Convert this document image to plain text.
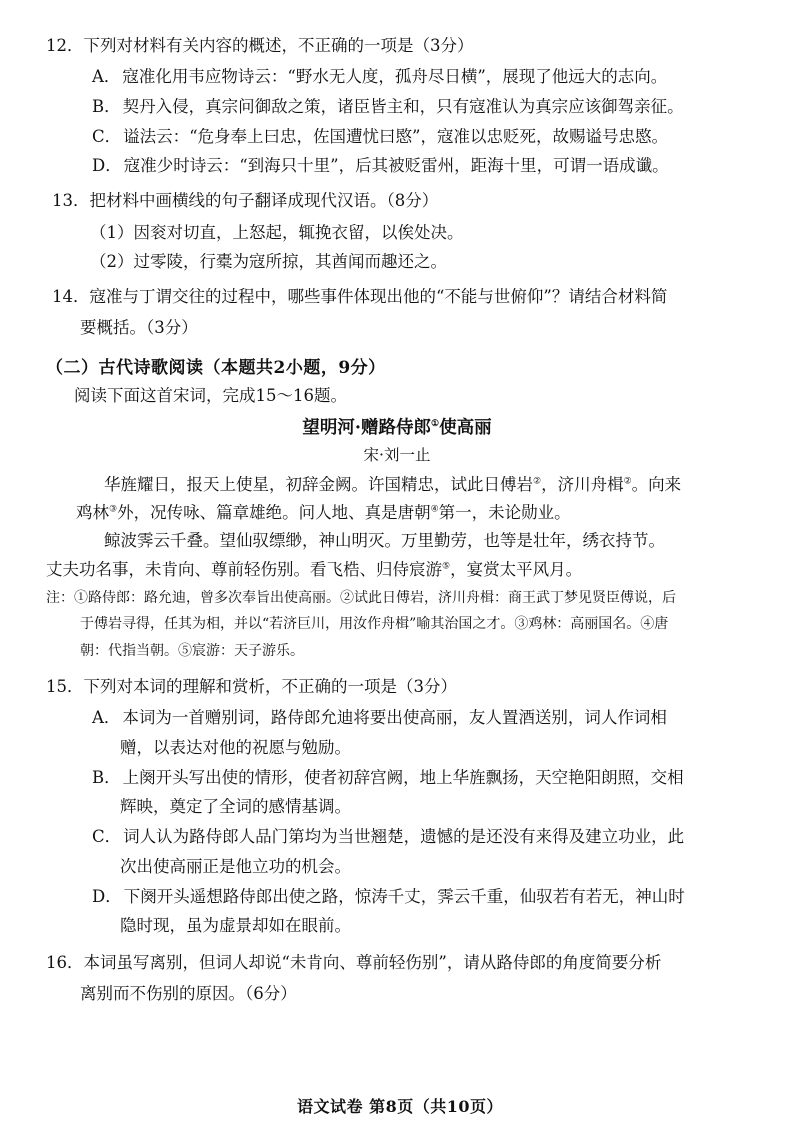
12．下列对材料有关内容的概述，不正确的一项是（3分）

A． 寇准化用韦应物诗云：“野水无人度，孤舟尽日横”，展现了他远大的志向。

B． 契丹入侵，真宗问御敌之策，诸臣皆主和，只有寇准认为真宗应该御驾亲征。

C． 谥法云：“危身奉上曰忠，佐国遭忧曰愍”，寇准以忠贬死，故赐谥号忠愍。

D． 寇准少时诗云：“到海只十里”，后其被贬雷州，距海十里，可谓一语成谶。

13．把材料中画横线的句子翻译成现代汉语。（8分）

（1）因衮对切直，上怒起，辄挽衣留，以俟处决。

（2）过零陵，行橐为寇所掠，其酋闻而趣还之。

14．寇准与丁谓交往的过程中，哪些事件体现出他的“不能与世俯仰”？请结合材料简

要概括。（3分）

（二）古代诗歌阅读（本题共2小题，9分）

阅读下面这首宋词，完成15～16题。

望明河·赠路侍郎①使高丽

宋·刘一止

华旌耀日，报天上使星，初辞金阙。许国精忠，试此日傅岩②，济川舟楫②。向来

鸡林③外，况传咏、篇章雄绝。问人地、真是唐朝④第一，未论勋业。

鲸波霁云千叠。望仙驭缥缈，神山明灭。万里勤劳，也等是壮年，绣衣持节。

丈夫功名事，未肯向、尊前轻伤别。看飞梏、归侍宸游⑤，宴赏太平风月。

注：①路侍郎：路允迪，曾多次奉旨出使高丽。②试此日傅岩，济川舟楫：商王武丁梦见贤臣傅说，后

于傅岩寻得，任其为相，并以“若济巨川，用汝作舟楫”喻其治国之才。③鸡林：高丽国名。④唐

朝：代指当朝。⑤宸游：天子游乐。

15．下列对本词的理解和赏析，不正确的一项是（3分）

A． 本词为一首赠别词，路侍郎允迪将要出使高丽，友人置酒送别，词人作词相

赠，以表达对他的祝愿与勉励。

B． 上阕开头写出使的情形，使者初辞宫阙，地上华旌飘扬，天空艳阳朗照，交相

辉映，奠定了全词的感情基调。

C． 词人认为路侍郎人品门第均为当世翘楚，遗憾的是还没有来得及建立功业，此

次出使高丽正是他立功的机会。

D． 下阕开头遥想路侍郎出使之路，惊涛千丈，霁云千重，仙驭若有若无，神山时

隐时现，虽为虚景却如在眼前。

16．本词虽写离别，但词人却说“未肯向、尊前轻伤别”，请从路侍郎的角度简要分析

离别而不伤别的原因。（6分）

语文试卷 第8页（共10页）
